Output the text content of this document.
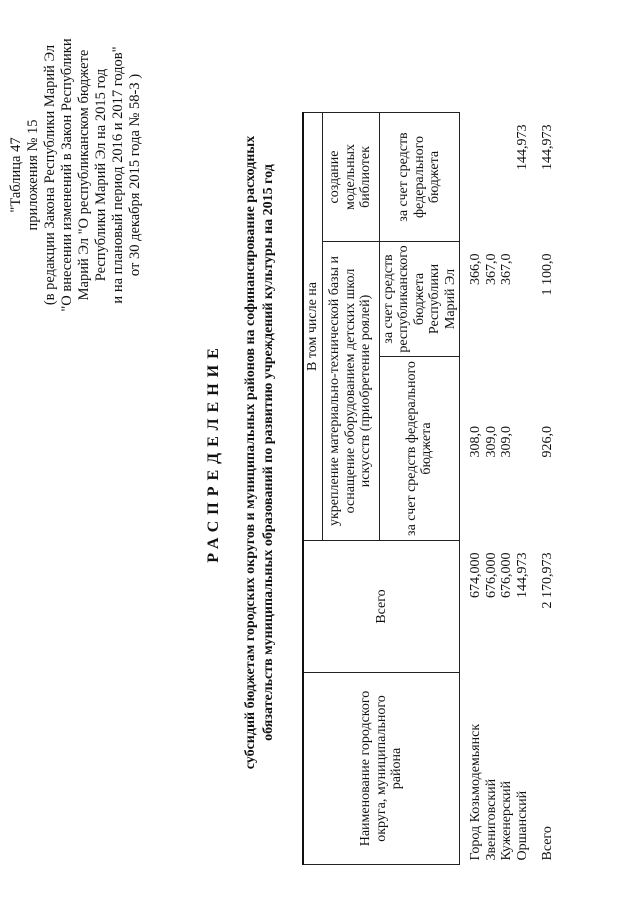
"Таблица 47 приложения № 15 (в редакции Закона Республики Марий Эл "О внесении изменений в Закон Республики Марий Эл "О республиканском бюджете Республики Марий Эл на 2015 год и на плановый период 2016 и 2017 годов" от 30 декабря 2015 года № 58-З )
РАСПРЕДЕЛЕНИЕ субсидий бюджетам городских округов и муниципальных районов на софинансирование расходных обязательств муниципальных образований по развитию учреждений культуры на 2015 год
Наименование городского округа, муниципального района	Всего	В том числе на			
		укрепление материально-технической базы и оснащение оборудованием детских школ искусств (приобретение роялей)			создание модельных библиотек
		за счет средств федерального бюджета		за счет средств республиканского бюджета Республики Марий Эл	за счет средств федерального бюджета

Город Козьмодемьянск	674,000		308,0	366,0	
Звениговский	676,000		309,0	367,0	
Куженерский	676,000		309,0	367,0	
Оршанский	144,973				144,973
Всего	2 170,973		926,0	1 100,0	144,973
